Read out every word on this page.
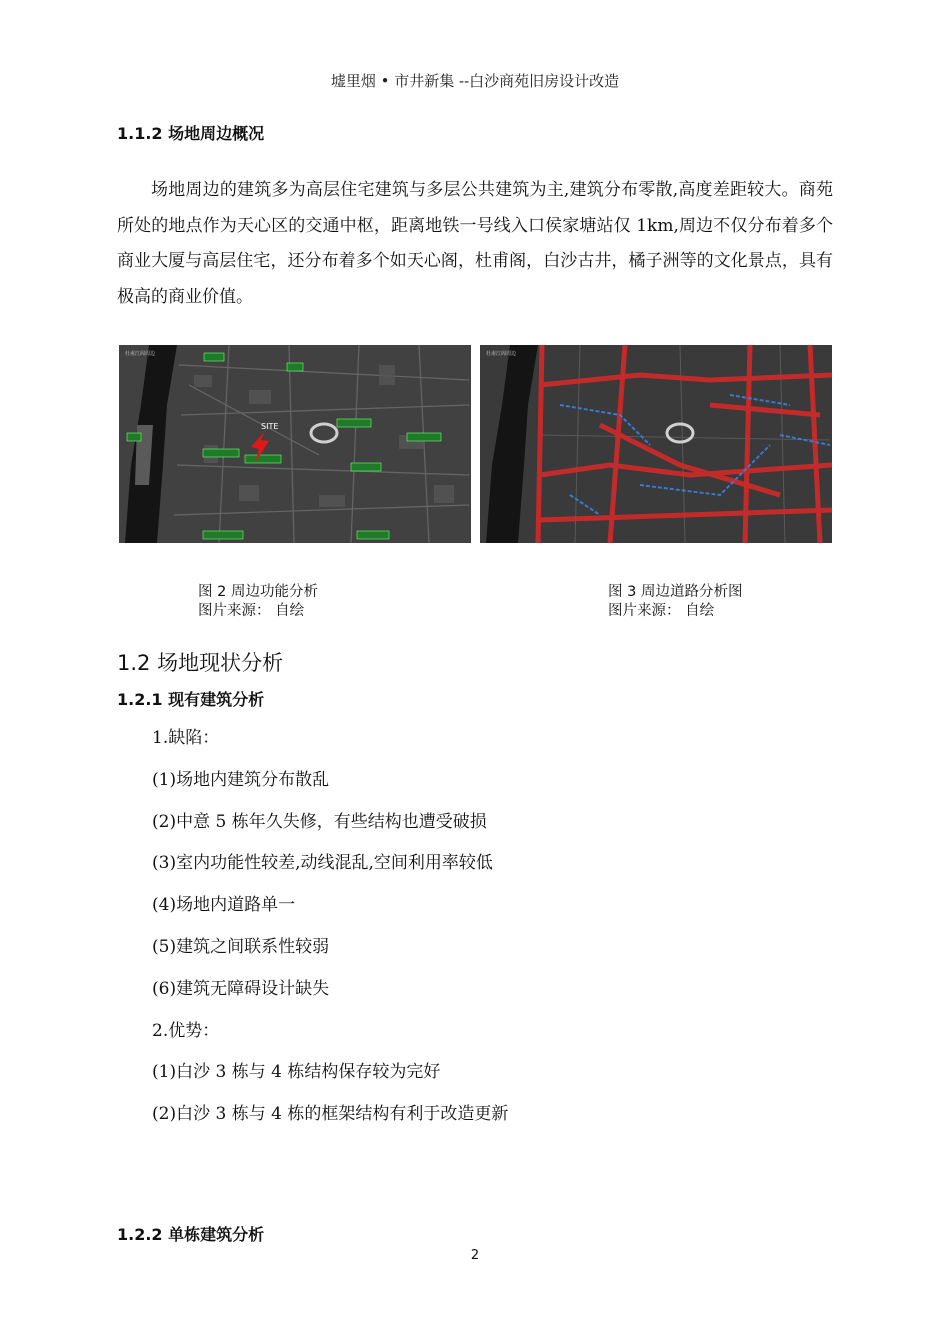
墟里烟 • 市井新集 --白沙商苑旧房设计改造
1.1.2 场地周边概况
场地周边的建筑多为高层住宅建筑与多层公共建筑为主,建筑分布零散,高度差距较大。商苑所处的地点作为天心区的交通中枢，距离地铁一号线入口侯家塘站仅 1km,周边不仅分布着多个商业大厦与高层住宅，还分布着多个如天心阁，杜甫阁，白沙古井，橘子洲等的文化景点，具有极高的商业价值。
SITE
杜甫江阁周边	杜甫江阁周边
图 2 周边功能分析
图片来源： 自绘
图 3 周边道路分析图
图片来源： 自绘
1.2 场地现状分析
1.2.1 现有建筑分析
1.缺陷：
(1)场地内建筑分布散乱
(2)中意 5 栋年久失修，有些结构也遭受破损
(3)室内功能性较差,动线混乱,空间利用率较低
(4)场地内道路单一
(5)建筑之间联系性较弱
(6)建筑无障碍设计缺失
2.优势：
(1)白沙 3 栋与 4 栋结构保存较为完好
(2)白沙 3 栋与 4 栋的框架结构有利于改造更新
1.2.2 单栋建筑分析
2
